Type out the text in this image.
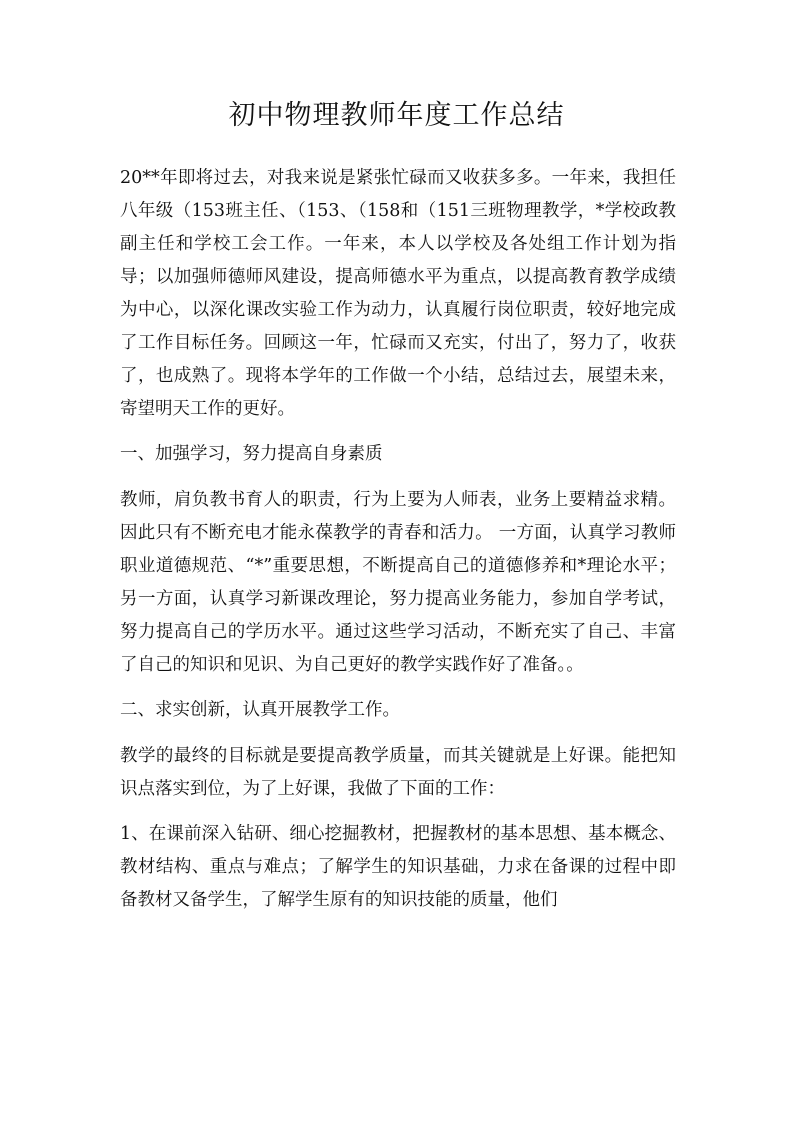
初中物理教师年度工作总结

20**年即将过去，对我来说是紧张忙碌而又收获多多。一年来，我担任八年级（153班主任、（153、（158和（151三班物理教学，*学校政教副主任和学校工会工作。一年来，本人以学校及各处组工作计划为指导；以加强师德师风建设，提高师德水平为重点，以提高教育教学成绩为中心，以深化课改实验工作为动力，认真履行岗位职责，较好地完成了工作目标任务。回顾这一年，忙碌而又充实，付出了，努力了，收获了，也成熟了。现将本学年的工作做一个小结，总结过去，展望未来，寄望明天工作的更好。

一、加强学习，努力提高自身素质

教师，肩负教书育人的职责，行为上要为人师表，业务上要精益求精。因此只有不断充电才能永葆教学的青春和活力。 一方面，认真学习教师职业道德规范、“*”重要思想，不断提高自己的道德修养和*理论水平；另一方面，认真学习新课改理论，努力提高业务能力，参加自学考试，努力提高自己的学历水平。通过这些学习活动，不断充实了自己、丰富了自己的知识和见识、为自己更好的教学实践作好了准备。。

二、求实创新，认真开展教学工作。

教学的最终的目标就是要提高教学质量，而其关键就是上好课。能把知识点落实到位，为了上好课，我做了下面的工作：

1、在课前深入钻研、细心挖掘教材，把握教材的基本思想、基本概念、教材结构、重点与难点；了解学生的知识基础，力求在备课的过程中即备教材又备学生，了解学生原有的知识技能的质量，他们
